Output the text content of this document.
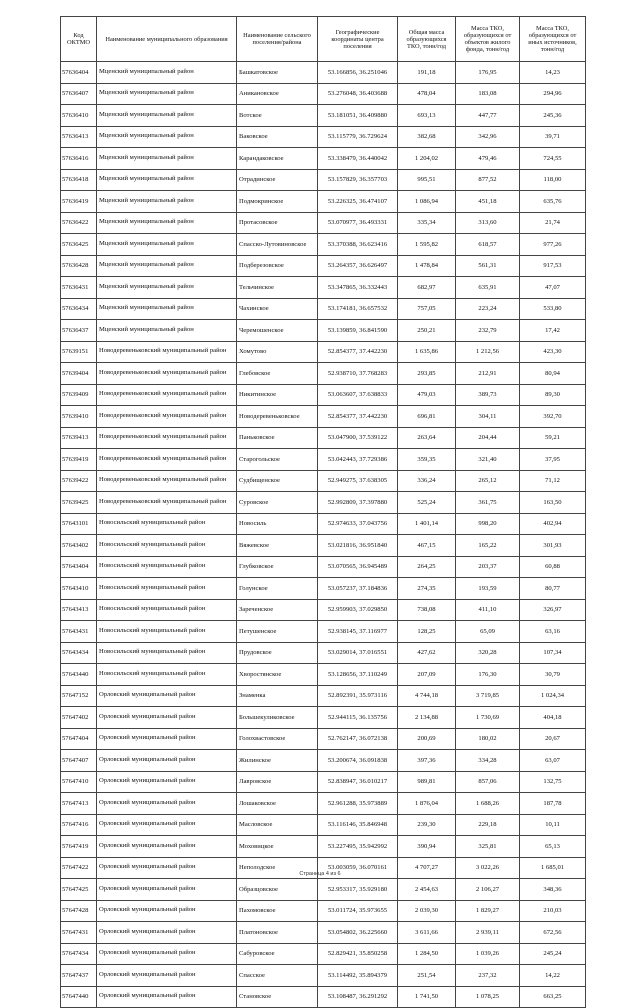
Код ОКТМО	Наименование муниципального образования	Наименование сельского поселения/района	Географические координаты центра поселения	Общая масса образующихся ТКО, тонн/год	Масса ТКО, образующихся от объектов жилого фонда, тонн/год	Масса ТКО, образующихся от иных источников, тонн/год
57636404	Мценский муниципальный район	Башкатовское	53.166856, 36.251046	191,18	176,95	14,23
57636407	Мценский муниципальный район	Аникановское	53.276048, 36.403688	478,04	183,08	294,96
57636410	Мценский муниципальный район	Вотское	53.181051, 36.409880	693,13	447,77	245,36
57636413	Мценский муниципальный район	Ваковское	53.115779, 36.729624	382,68	342,96	39,71
57636416	Мценский муниципальный район	Карандаковское	53.338479, 36.440042	1 204,02	479,46	724,55
57636418	Мценский муниципальный район	Отрадинское	53.157829, 36.357703	995,51	877,52	118,00
57636419	Мценский муниципальный район	Подмокринское	53.226325, 36.474107	1 086,94	451,18	635,76
57636422	Мценский муниципальный район	Протасовское	53.070977, 36.493331	335,34	313,60	21,74
57636425	Мценский муниципальный район	Спасско-Лутовиновское	53.370388, 36.623416	1 595,82	618,57	977,26
57636428	Мценский муниципальный район	Подберезовское	53.264357, 36.626497	1 478,84	561,31	917,53
57636431	Мценский муниципальный район	Тельчинское	53.347865, 36.332443	682,97	635,91	47,07
57636434	Мценский муниципальный район	Чахинское	53.174181, 36.657532	757,05	223,24	533,80
57636437	Мценский муниципальный район	Черемошенское	53.139859, 36.841590	250,21	232,79	17,42
57639151	Новодеревеньковский муниципальный район	Хомутово	52.854377, 37.442230	1 635,86	1 212,56	423,30
57639404	Новодеревеньковский муниципальный район	Глебовское	52.938710, 37.768283	293,85	212,91	80,94
57639409	Новодеревеньковский муниципальный район	Никитинское	53.063607, 37.638833	479,03	389,73	89,30
57639410	Новодеревеньковский муниципальный район	Новодеревеньковское	52.854377, 37.442230	696,81	304,11	392,70
57639413	Новодеревеньковский муниципальный район	Паньковское	53.047900, 37.539122	263,64	204,44	59,21
57639419	Новодеревеньковский муниципальный район	Старогольское	53.042443, 37.729386	359,35	321,40	37,95
57639422	Новодеревеньковский муниципальный район	Судбищенское	52.949275, 37.638305	336,24	265,12	71,12
57639425	Новодеревеньковский муниципальный район	Суровское	52.992809, 37.397880	525,24	361,75	163,50
57643101	Новосильский муниципальный район	Новосиль	52.974633, 37.043756	1 401,14	998,20	402,94
57643402	Новосильский муниципальный район	Вяжевское	53.021816, 36.951840	467,15	165,22	301,93
57643404	Новосильский муниципальный район	Глубковское	53.070565, 36.945489	264,25	203,37	60,88
57643410	Новосильский муниципальный район	Голунское	53.057237, 37.184836	274,35	193,59	80,77
57643413	Новосильский муниципальный район	Зареченское	52.959903, 37.029850	738,08	411,10	326,97
57643431	Новосильский муниципальный район	Петушенское	52.938145, 37.116977	128,25	65,09	63,16
57643434	Новосильский муниципальный район	Прудовское	53.029014, 37.016551	427,62	320,28	107,34
57643440	Новосильский муниципальный район	Хворостянское	53.128656, 37.110249	207,09	176,30	30,79
57647152	Орловский муниципальный район	Знаменка	52.892391, 35.973116	4 744,18	3 719,85	1 024,34
57647402	Орловский муниципальный район	Большекуликовское	52.944115, 36.135756	2 134,88	1 730,69	404,18
57647404	Орловский муниципальный район	Голохвастовское	52.762147, 36.072138	200,69	180,02	20,67
57647407	Орловский муниципальный район	Жилинское	53.200674, 36.091838	397,36	334,28	63,07
57647410	Орловский муниципальный район	Лавровское	52.838947, 36.010217	989,81	857,06	132,75
57647413	Орловский муниципальный район	Лошаковское	52.961288, 35.973889	1 876,04	1 688,26	187,78
57647416	Орловский муниципальный район	Масловское	53.116146, 35.846948	239,30	229,18	10,11
57647419	Орловский муниципальный район	Моховицкое	53.227495, 35.942992	390,94	325,81	65,13
57647422	Орловский муниципальный район	Неполодское	53.003059, 36.070161	4 707,27	3 022,26	1 685,01
57647425	Орловский муниципальный район	Образцовское	52.953317, 35.929180	2 454,63	2 106,27	348,36
57647428	Орловский муниципальный район	Пахомовское	53.011724, 35.973655	2 039,30	1 829,27	210,03
57647431	Орловский муниципальный район	Платоновское	53.054802, 36.225660	3 611,66	2 939,11	672,56
57647434	Орловский муниципальный район	Сабуровское	52.829421, 35.850258	1 284,50	1 039,26	245,24
57647437	Орловский муниципальный район	Спасское	53.114492, 35.894379	251,54	237,32	14,22
57647440	Орловский муниципальный район	Становское	53.108487, 36.291292	1 741,50	1 078,25	663,25
Страница 4 из 6
